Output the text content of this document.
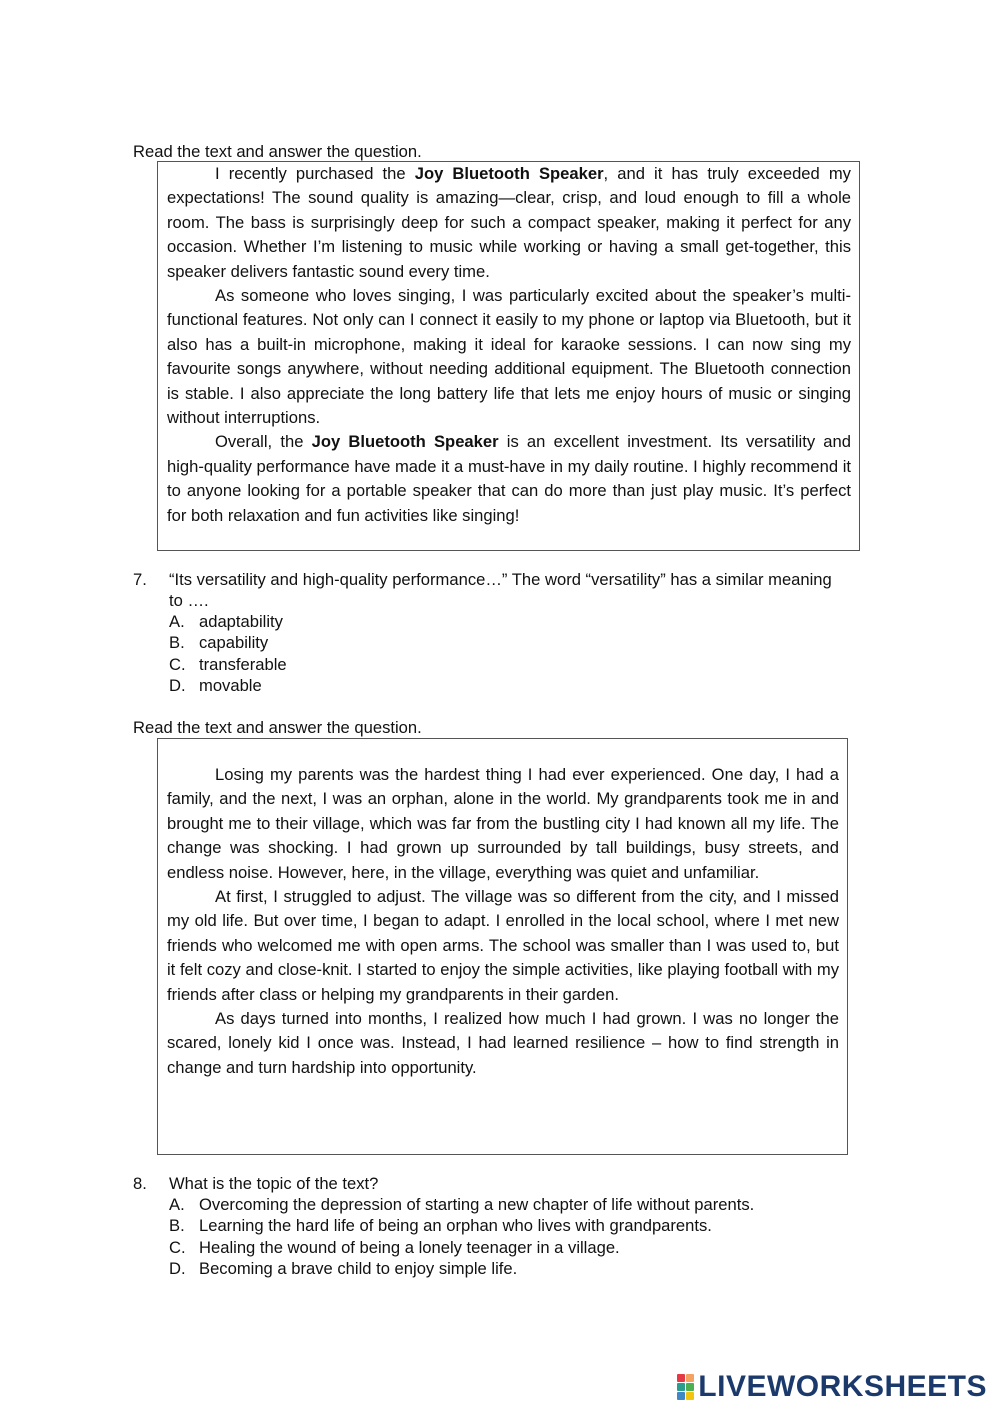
Read the text and answer the question.

I recently purchased the Joy Bluetooth Speaker, and it has truly exceeded my expectations! The sound quality is amazing—clear, crisp, and loud enough to fill a whole room. The bass is surprisingly deep for such a compact speaker, making it perfect for any occasion. Whether I’m listening to music while working or having a small get-together, this speaker delivers fantastic sound every time.

As someone who loves singing, I was particularly excited about the speaker’s multi-functional features. Not only can I connect it easily to my phone or laptop via Bluetooth, but it also has a built-in microphone, making it ideal for karaoke sessions. I can now sing my favourite songs anywhere, without needing additional equipment. The Bluetooth connection is stable. I also appreciate the long battery life that lets me enjoy hours of music or singing without interruptions.

Overall, the Joy Bluetooth Speaker is an excellent investment. Its versatility and high-quality performance have made it a must-have in my daily routine. I highly recommend it to anyone looking for a portable speaker that can do more than just play music. It’s perfect for both relaxation and fun activities like singing!

7.	“Its versatility and high-quality performance…” The word “versatility” has a similar meaning to ….
A. adaptability
B. capability
C. transferable
D. movable
Read the text and answer the question.

Losing my parents was the hardest thing I had ever experienced. One day, I had a family, and the next, I was an orphan, alone in the world. My grandparents took me in and brought me to their village, which was far from the bustling city I had known all my life. The change was shocking. I had grown up surrounded by tall buildings, busy streets, and endless noise. However, here, in the village, everything was quiet and unfamiliar.

At first, I struggled to adjust. The village was so different from the city, and I missed my old life. But over time, I began to adapt. I enrolled in the local school, where I met new friends who welcomed me with open arms. The school was smaller than I was used to, but it felt cozy and close-knit. I started to enjoy the simple activities, like playing football with my friends after class or helping my grandparents in their garden.

As days turned into months, I realized how much I had grown. I was no longer the scared, lonely kid I once was. Instead, I had learned resilience – how to find strength in change and turn hardship into opportunity.

8.	What is the topic of the text?
A. Overcoming the depression of starting a new chapter of life without parents.
B. Learning the hard life of being an orphan who lives with grandparents.
C. Healing the wound of being a lonely teenager in a village.
D. Becoming a brave child to enjoy simple life.
LIVEWORKSHEETS
